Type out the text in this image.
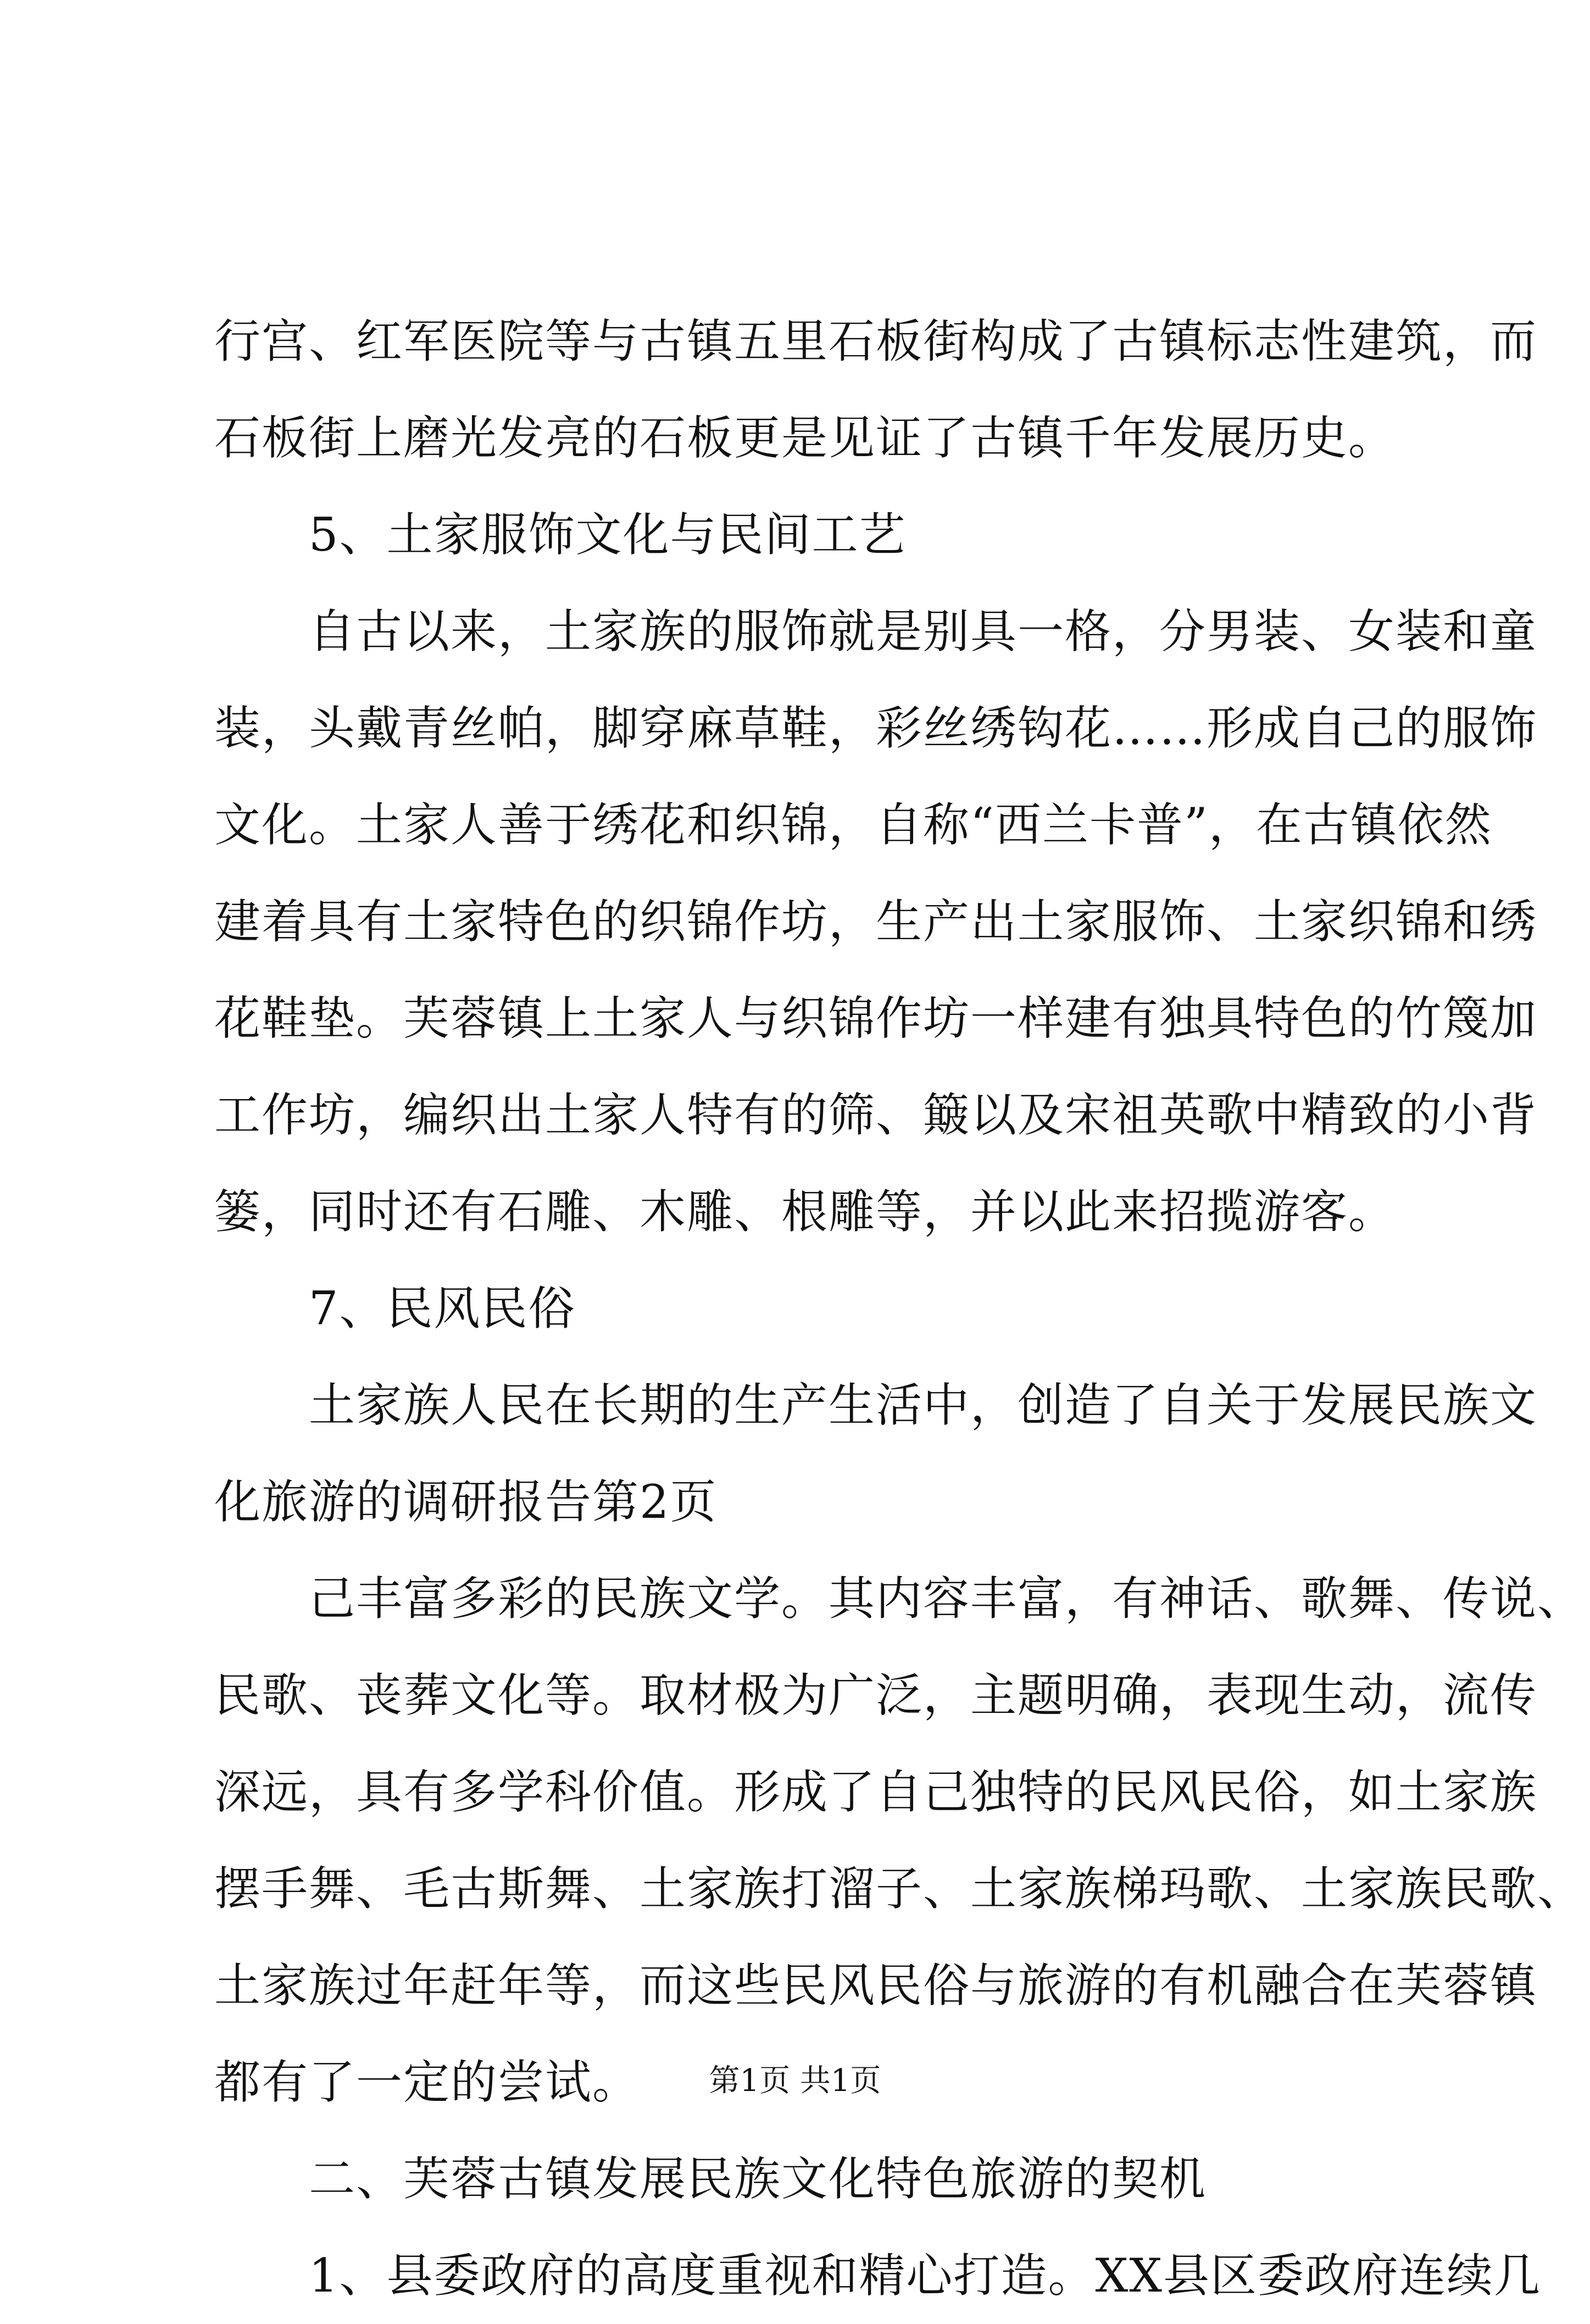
行宫、红军医院等与古镇五里石板街构成了古镇标志性建筑，而
石板街上磨光发亮的石板更是见证了古镇千年发展历史。
　　5、土家服饰文化与民间工艺
　　自古以来，土家族的服饰就是别具一格，分男装、女装和童
装，头戴青丝帕，脚穿麻草鞋，彩丝绣钩花……形成自己的服饰
文化。土家人善于绣花和织锦，自称“西兰卡普”，在古镇依然
建着具有土家特色的织锦作坊，生产出土家服饰、土家织锦和绣
花鞋垫。芙蓉镇上土家人与织锦作坊一样建有独具特色的竹篾加
工作坊，编织出土家人特有的筛、簸以及宋祖英歌中精致的小背
篓，同时还有石雕、木雕、根雕等，并以此来招揽游客。
　　7、民风民俗
　　土家族人民在长期的生产生活中，创造了自关于发展民族文
化旅游的调研报告第2页
　　己丰富多彩的民族文学。其内容丰富，有神话、歌舞、传说、
民歌、丧葬文化等。取材极为广泛，主题明确，表现生动，流传
深远，具有多学科价值。形成了自己独特的民风民俗，如土家族
摆手舞、毛古斯舞、土家族打溜子、土家族梯玛歌、土家族民歌、
土家族过年赶年等，而这些民风民俗与旅游的有机融合在芙蓉镇
都有了一定的尝试。
　　二、芙蓉古镇发展民族文化特色旅游的契机
　　1、县委政府的高度重视和精心打造。XX县区委政府连续几
第1页 共1页
